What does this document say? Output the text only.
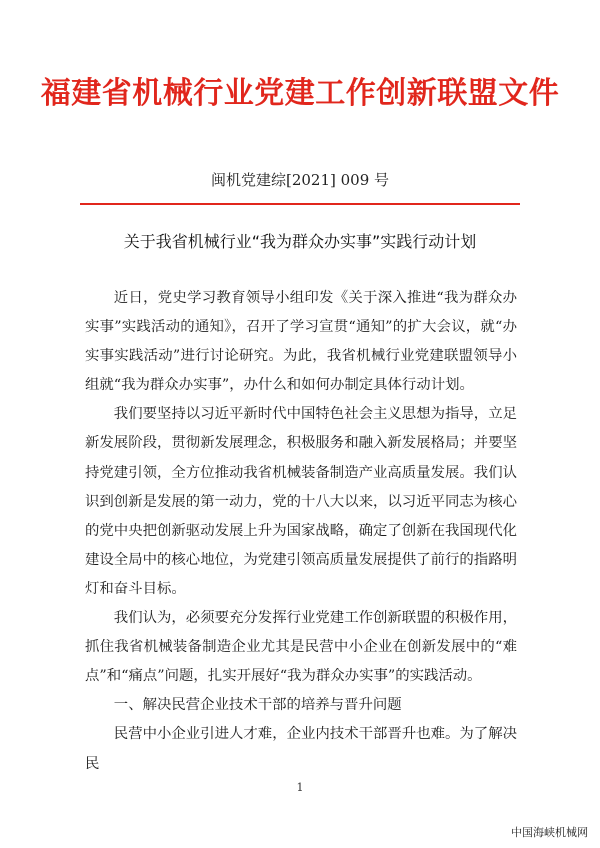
福建省机械行业党建工作创新联盟文件
闽机党建综[2021] 009 号
关于我省机械行业“我为群众办实事”实践行动计划

近日，党史学习教育领导小组印发《关于深入推进“我为群众办实事”实践活动的通知》，召开了学习宣贯“通知”的扩大会议，就“办实事实践活动”进行讨论研究。为此，我省机械行业党建联盟领导小组就“我为群众办实事”，办什么和如何办制定具体行动计划。

我们要坚持以习近平新时代中国特色社会主义思想为指导，立足新发展阶段，贯彻新发展理念，积极服务和融入新发展格局；并要坚持党建引领，全方位推动我省机械装备制造产业高质量发展。我们认识到创新是发展的第一动力，党的十八大以来，以习近平同志为核心的党中央把创新驱动发展上升为国家战略，确定了创新在我国现代化建设全局中的核心地位，为党建引领高质量发展提供了前行的指路明灯和奋斗目标。

我们认为，必须要充分发挥行业党建工作创新联盟的积极作用，抓住我省机械装备制造企业尤其是民营中小企业在创新发展中的“难点”和“痛点”问题，扎实开展好“我为群众办实事”的实践活动。

一、解决民营企业技术干部的培养与晋升问题

民营中小企业引进人才难，企业内技术干部晋升也难。为了解决民

1
中国海峡机械网
